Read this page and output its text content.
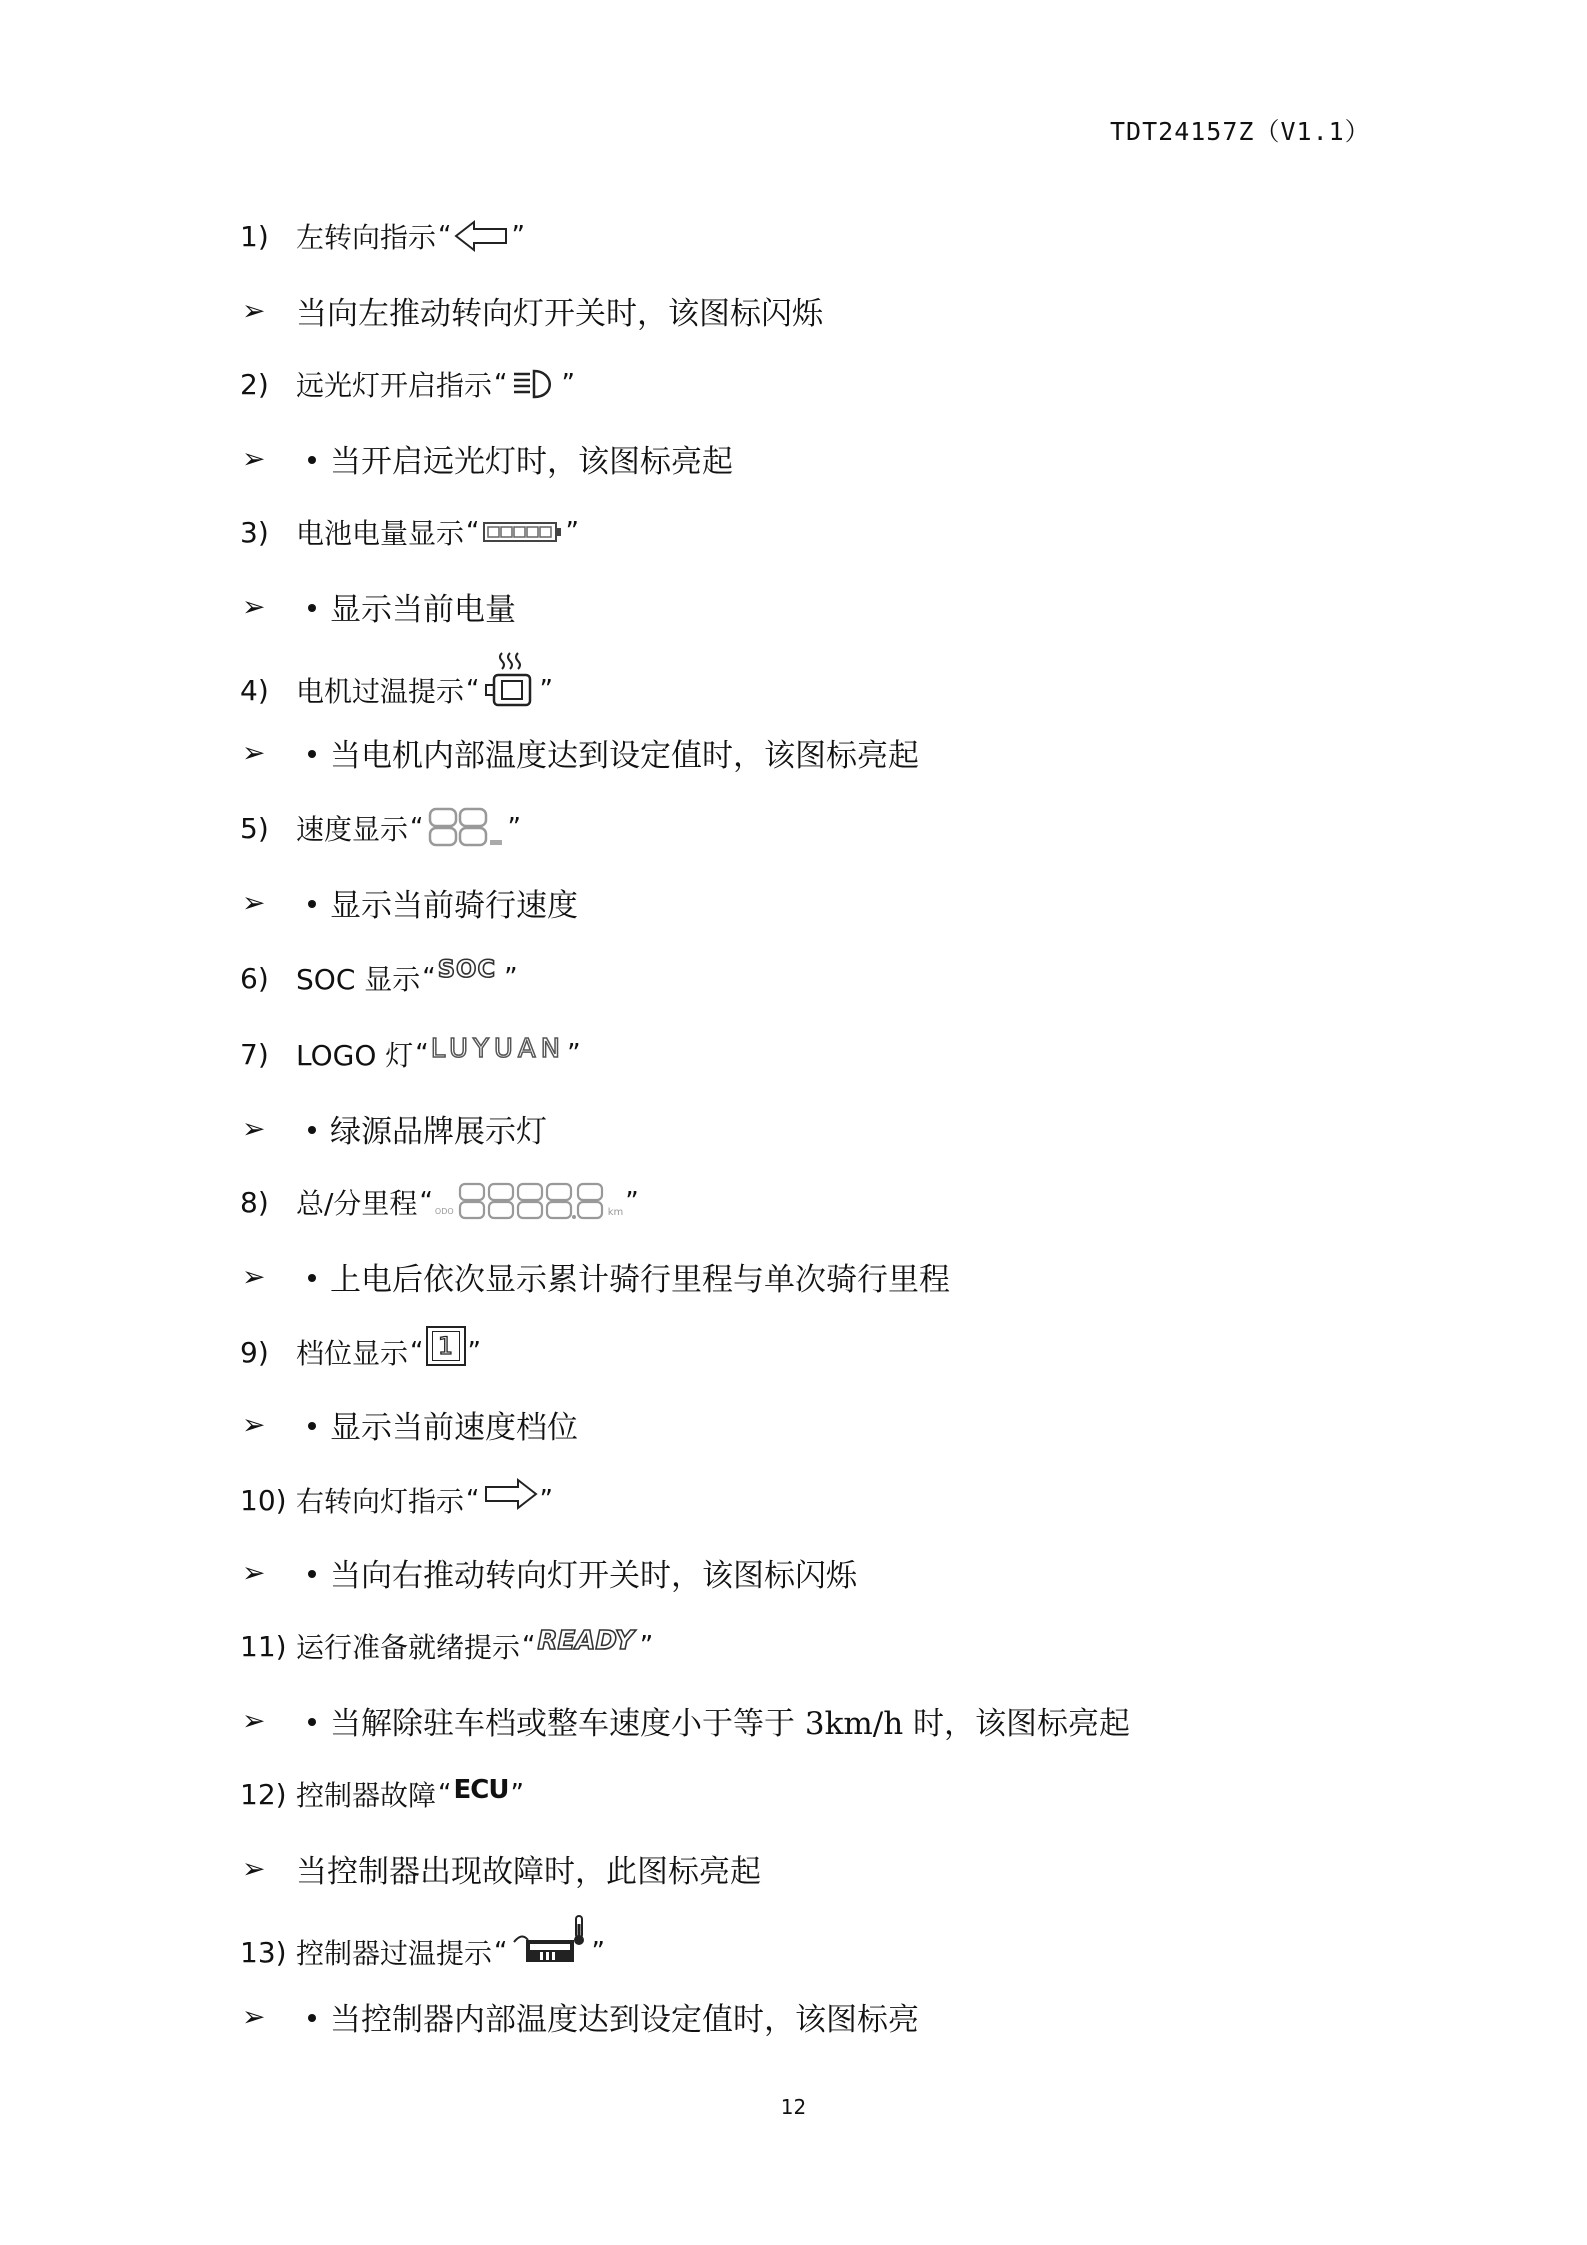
TDT24157Z（V1.1）
1) 左转向指示 “ ”
➢ 当向左推动转向灯开关时，该图标闪烁
2) 远光灯开启指示 “ ”
➢	当开启远光灯时，该图标亮起
3) 电池电量显示 “	”
➢	显示当前电量
4) 电机过温提示 “ ”
➢	当电机内部温度达到设定值时，该图标亮起
5) 速度显示 “	”
➢	显示当前骑行速度
6) SOC 显示 “ SOC ”
7) LOGO 灯 “ LUYUAN ”
➢	绿源品牌展示灯
8) 总/分里程 “ ODO	km ”
➢	上电后依次显示累计骑行里程与单次骑行里程
9) 档位显示 “ 1 ”
➢	显示当前速度档位
10) 右转向灯指示 “ ”
➢	当向右推动转向灯开关时，该图标闪烁
11) 运行准备就绪提示 “ READY ”
➢	当解除驻车档或整车速度小于等于 3km/h 时，该图标亮起
12) 控制器故障 “ ECU ”
➢ 当控制器出现故障时，此图标亮起
13) 控制器过温提示 “	”
➢	当控制器内部温度达到设定值时，该图标亮
12
